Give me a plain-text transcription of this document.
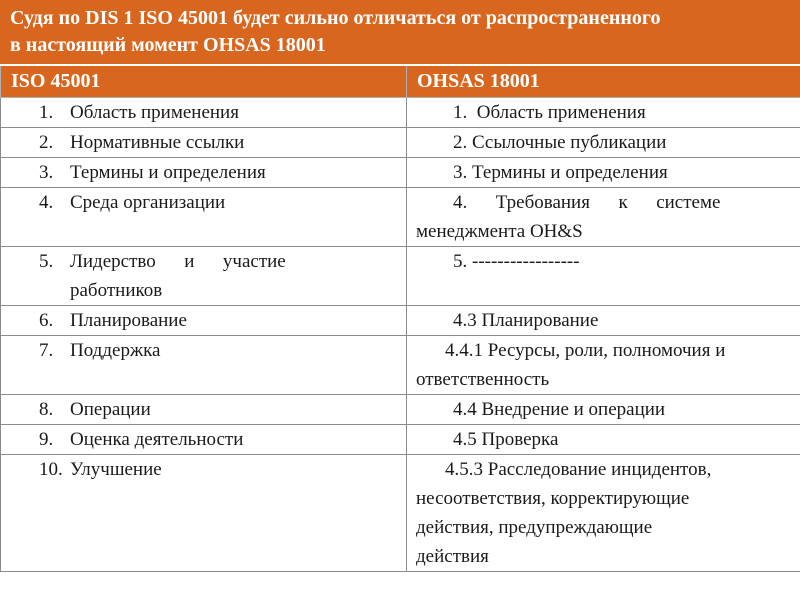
Судя по DIS 1 ISO 45001 будет сильно отличаться от распространенного
в настоящий момент OHSAS 18001
ISO 45001	OHSAS 18001

1. Область применения	1.  Область применения

2. Нормативные ссылки	2. Ссылочные публикации

3. Термины и определения	3. Термины и определения

4. Среда организации	4.      Требования      к      системе
менеджмента OH&S

5. Лидерство      и      участие
работников	5. -----------------

6. Планирование	4.3 Планирование

7. Поддержка	4.4.1 Ресурсы, роли, полномочия и
ответственность

8. Операции	4.4 Внедрение и операции

9. Оценка деятельности	4.5 Проверка

10. Улучшение	4.5.3 Расследование инцидентов,
несоответствия, корректирующие
действия, предупреждающие
действия
